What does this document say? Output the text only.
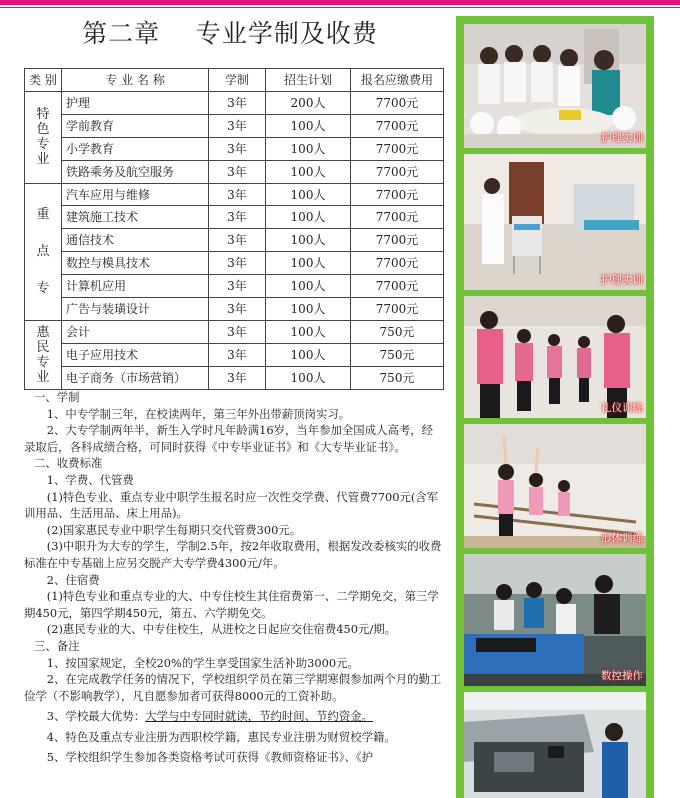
第二章    专业学制及收费
类 别	专 业 名 称	学制	招生计划	报名应缴费用

特
色
专
业	护理	3年	200人	7700元
	学前教育	3年	100人	7700元
	小学教育	3年	100人	7700元
	铁路乘务及航空服务	3年	100人	7700元

重
点
专	汽车应用与维修	3年	100人	7700元
	建筑施工技术	3年	100人	7700元
	通信技术	3年	100人	7700元
	数控与模具技术	3年	100人	7700元
	计算机应用	3年	100人	7700元
	广告与装璜设计	3年	100人	7700元

惠
民
专
业	会计	3年	100人	750元
	电子应用技术	3年	100人	750元
	电子商务（市场营销）	3年	100人	750元

一、学制

1、中专学制三年，在校读两年，第三年外出带薪顶岗实习。

2、大专学制两年半，新生入学时凡年龄满16岁，当年参加全国成人高考，经录取后，各科成绩合格，可同时获得《中专毕业证书》和《大专毕业证书》。

二、收费标准

1、学费、代管费

(1)特色专业、重点专业中职学生报名时应一次性交学费、代管费7700元(含军训用品、生活用品、床上用品)。

(2)国家惠民专业中职学生每期只交代管费300元。

(3)中职升为大专的学生，学制2.5年，按2年收取费用，根据发改委核实的收费标准在中专基础上应另交脱产大专学费4300元/年。

2、住宿费

(1)特色专业和重点专业的大、中专住校生其住宿费第一、二学期免交，第三学期450元，第四学期450元，第五、六学期免交。

(2)惠民专业的大、中专住校生，从进校之日起应交住宿费450元/期。

三、备注

1、按国家规定，全校20%的学生享受国家生活补助3000元。

2、在完成教学任务的情况下，学校组织学员在第三学期寒假参加两个月的勤工俭学（不影响教学），凡自愿参加者可获得8000元的工资补助。

3、学校最大优势：大学与中专同时就读，节约时间、节约资金。

4、特色及重点专业注册为西职校学籍，惠民专业注册为财贸校学籍。

5、学校组织学生参加各类资格考试可获得《教师资格证书》、《护

护理实训
护理实训
礼仪训练
形体训练
数控操作
